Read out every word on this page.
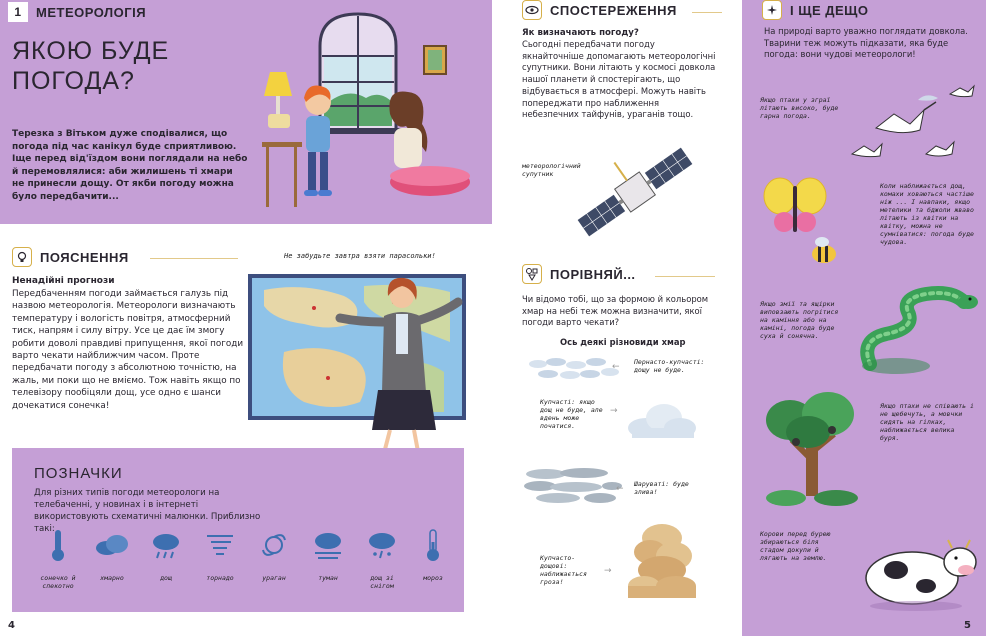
1	МЕТЕОРОЛОГІЯ
ЯКОЮ БУДЕ
ПОГОДА?
Терезка з Вітьком дуже сподівалися, що погода під час канікул буде сприятливою. Іще перед від'їздом вони поглядали на небо й перемовлялися: аби жилишень ті хмари не принесли дощу. От якби погоду можна було передбачити...
ПОЯСНЕННЯ
Ненадійні прогнози
Передбаченням погоди займається галузь під назвою метеорологія. Метеорологи визначають температуру і вологість повітря, атмосферний тиск, напрям і силу вітру. Усе це дає їм змогу робити доволі правдиві припущення, якої погоди варто чекати найближчим часом. Проте передбачати погоду з абсолютною точністю, на жаль, ми поки що не вміємо. Тож навіть якщо по телевізору пообіцяли дощ, усе одно є шанси дочекатися сонечка!
Не забудьте завтра взяти парасольки!
ПОЗНАЧКИ
Для різних типів погоди метеорологи на телебаченні, у новинах і в інтернеті використовують схематичні малюнки. Приблизно такі:
сонечко й спекотно
хмарно	дощ	торнадо	ураган	туман	дощ зі снігом
мороз
4
СПОСТЕРЕЖЕННЯ
Як визначають погоду?
Сьогодні передбачати погоду якнайточніше допомагають метеорологічні супутники. Вони літають у космосі довкола нашої планети й спостерігають, що відбувається в атмосфері. Можуть навіть попереджати про наближення небезпечних тайфунів, ураганів тощо.
метеорологічний супутник
ПОРІВНЯЙ...
Чи відомо тобі, що за формою й кольором хмар на небі теж можна визначити, якої погоди варто чекати?
Ось деякі різновиди хмар
← Пернасто-купчасті: дощу не буде.
Купчасті: якщо дощ не буде, але вдень може початися.
→
← Шаруваті: буде злива!
Купчасто-дощові: наближається гроза!
→
І ЩЕ ДЕЩО
На природі варто уважно поглядати довкола. Тварини теж можуть підказати, яка буде погода: вони чудові метеорологи!
Якщо птахи у зграї літають високо, буде гарна погода.
Коли наближається дощ, комахи ховаються частіше ніж ... І навпаки, якщо метелики та бджоли жваво літають із квітки на квітку, можна не сумніватися: погода буде чудова.
Якщо змії та ящірки виповзають погрітися на каміння або на каміні, погода буде суха й сонячна.
Якщо птахи не співають і не щебечуть, а мовчки сидять на гілках, наближається велика буря.
Корови перед бурею збираються біля стадом докупи й лягають на землю.
5
